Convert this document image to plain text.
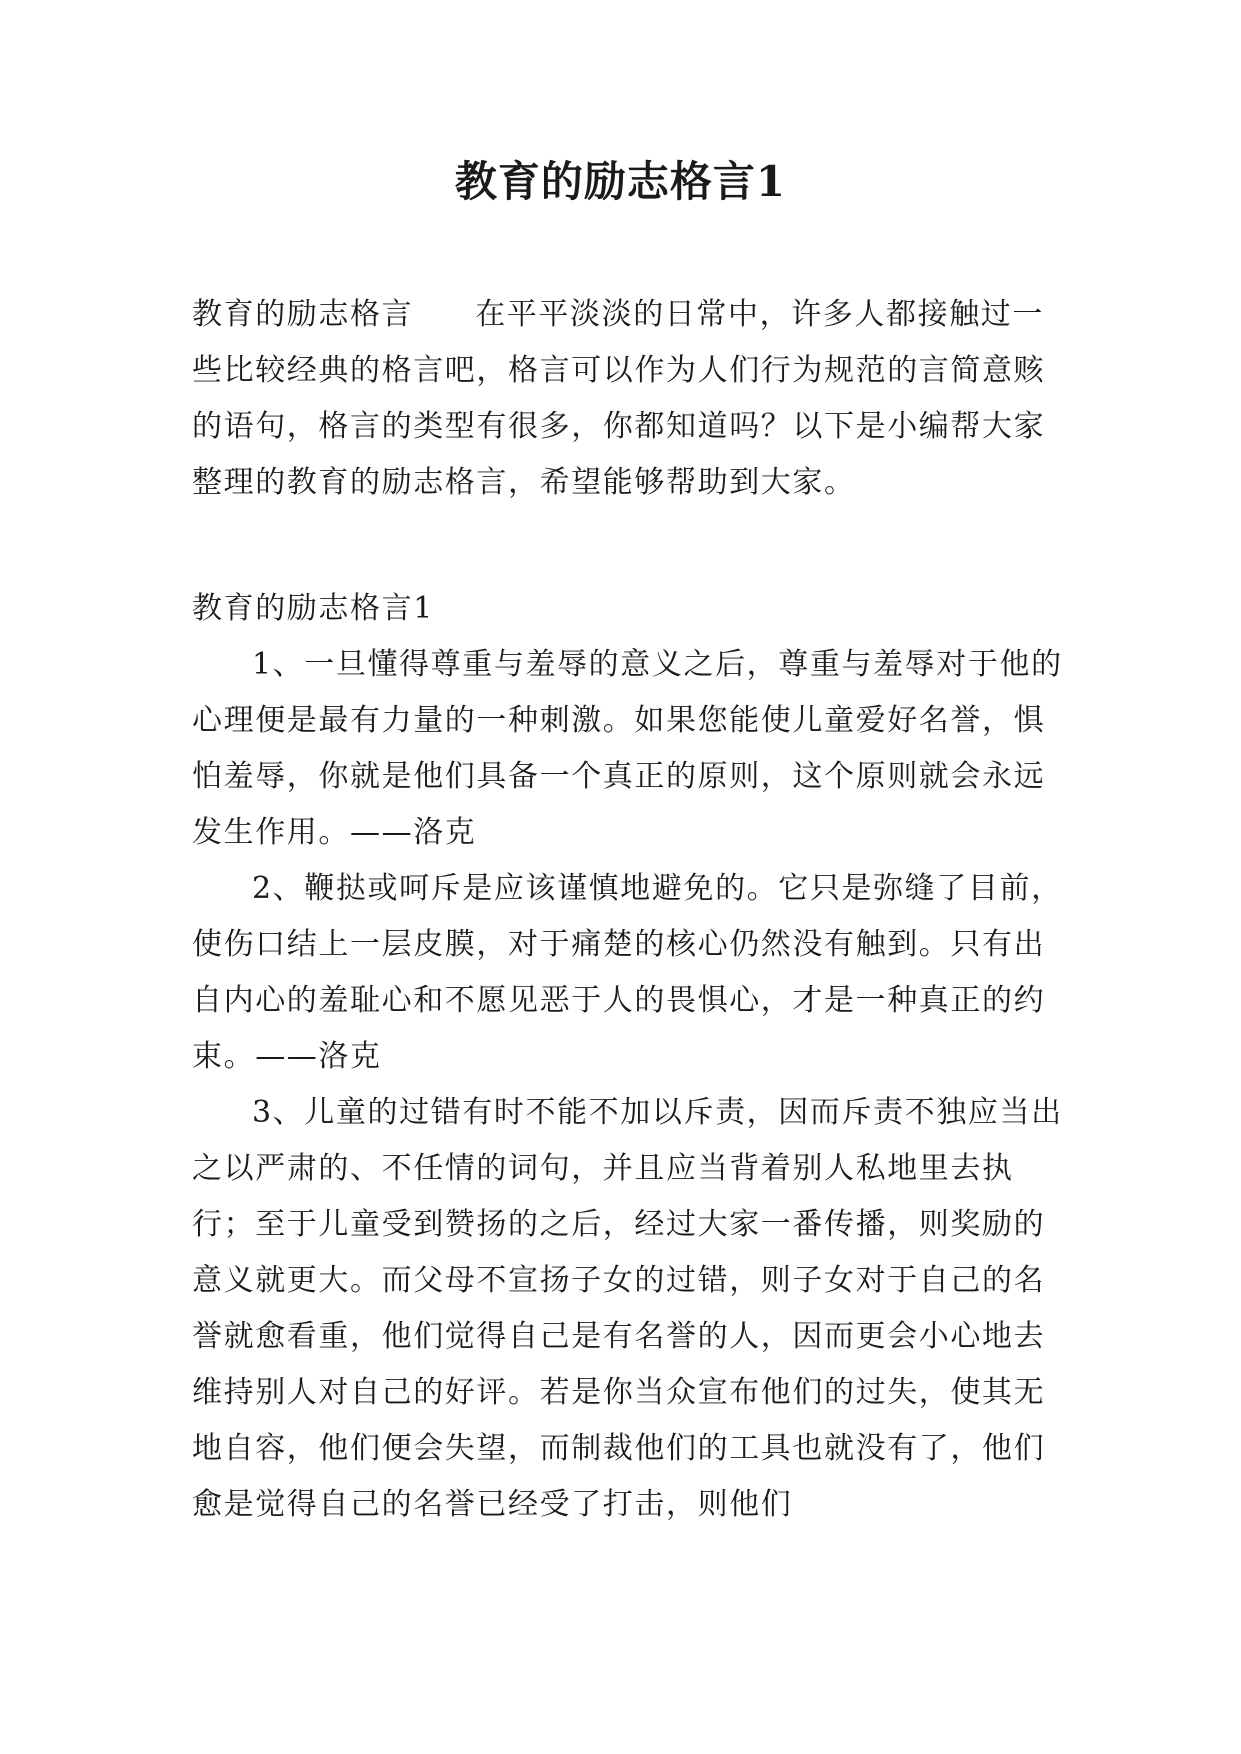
教育的励志格言1

教育的励志格言 在平平淡淡的日常中，许多人都接触过一些比较经典的格言吧，格言可以作为人们行为规范的言简意赅的语句，格言的类型有很多，你都知道吗？以下是小编帮大家整理的教育的励志格言，希望能够帮助到大家。

教育的励志格言1

1、一旦懂得尊重与羞辱的意义之后，尊重与羞辱对于他的心理便是最有力量的一种刺激。如果您能使儿童爱好名誉，惧怕羞辱，你就是他们具备一个真正的原则，这个原则就会永远发生作用。——洛克

2、鞭挞或呵斥是应该谨慎地避免的。它只是弥缝了目前，使伤口结上一层皮膜，对于痛楚的核心仍然没有触到。只有出自内心的羞耻心和不愿见恶于人的畏惧心，才是一种真正的约束。——洛克

3、儿童的过错有时不能不加以斥责，因而斥责不独应当出之以严肃的、不任情的词句，并且应当背着别人私地里去执行；至于儿童受到赞扬的之后，经过大家一番传播，则奖励的意义就更大。而父母不宣扬子女的过错，则子女对于自己的名誉就愈看重，他们觉得自己是有名誉的人，因而更会小心地去维持别人对自己的好评。若是你当众宣布他们的过失，使其无地自容，他们便会失望，而制裁他们的工具也就没有了，他们愈是觉得自己的名誉已经受了打击，则他们
